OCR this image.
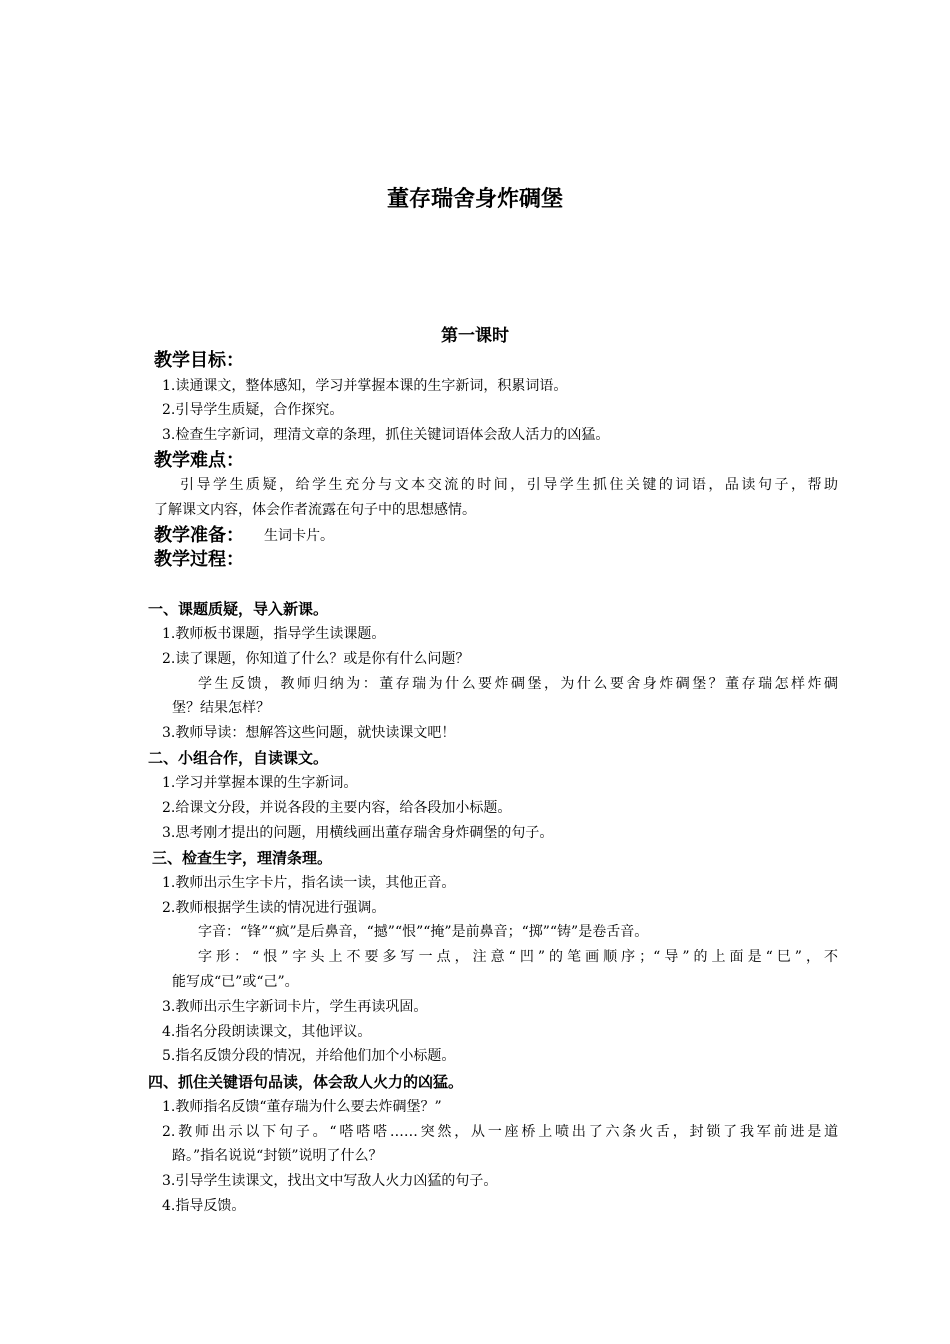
董存瑞舍身炸碉堡
第一课时
教学目标：
1.读通课文，整体感知，学习并掌握本课的生字新词，积累词语。
2.引导学生质疑，合作探究。
3.检查生字新词，理清文章的条理，抓住关键词语体会敌人活力的凶猛。
教学难点：
引导学生质疑，给学生充分与文本交流的时间，引导学生抓住关键的词语，品读句子，帮助
了解课文内容，体会作者流露在句子中的思想感情。
教学准备： 生词卡片。
教学过程：
一、课题质疑，导入新课。
1.教师板书课题，指导学生读课题。
2.读了课题，你知道了什么？或是你有什么问题？
学生反馈，教师归纳为：董存瑞为什么要炸碉堡，为什么要舍身炸碉堡？董存瑞怎样炸碉
堡？结果怎样？
3.教师导读：想解答这些问题，就快读课文吧！
二、小组合作，自读课文。
1.学习并掌握本课的生字新词。
2.给课文分段，并说各段的主要内容，给各段加小标题。
3.思考刚才提出的问题，用横线画出董存瑞舍身炸碉堡的句子。
三、检查生字，理清条理。
1.教师出示生字卡片，指名读一读，其他正音。
2.教师根据学生读的情况进行强调。
字音：“锋”“疯”是后鼻音，“撼”“恨”“掩”是前鼻音；“掷”“铸”是卷舌音。
字形：“恨”字头上不要多写一点，注意“凹”的笔画顺序；“导”的上面是“巳”，不
能写成“已”或“己”。
3.教师出示生字新词卡片，学生再读巩固。
4.指名分段朗读课文，其他评议。
5.指名反馈分段的情况，并给他们加个小标题。
四、抓住关键语句品读，体会敌人火力的凶猛。
1.教师指名反馈“董存瑞为什么要去炸碉堡？”
2.教师出示以下句子。“嗒嗒嗒……突然，从一座桥上喷出了六条火舌，封锁了我军前进是道
路。”指名说说“封锁”说明了什么？
3.引导学生读课文，找出文中写敌人火力凶猛的句子。
4.指导反馈。
